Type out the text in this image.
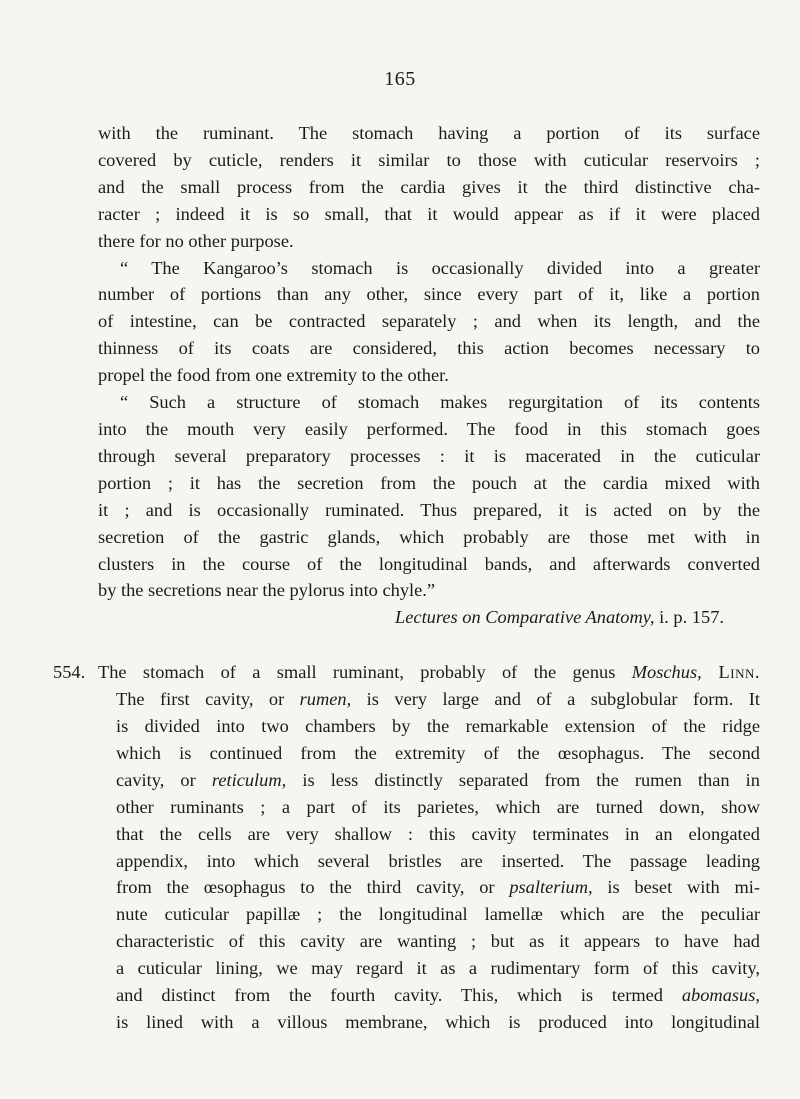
165
with the ruminant. The stomach having a portion of its surface
covered by cuticle, renders it similar to those with cuticular reservoirs ;
and the small process from the cardia gives it the third distinctive cha-
racter ; indeed it is so small, that it would appear as if it were placed
there for no other purpose.
“ The Kangaroo’s stomach is occasionally divided into a greater
number of portions than any other, since every part of it, like a portion
of intestine, can be contracted separately ; and when its length, and the
thinness of its coats are considered, this action becomes necessary to
propel the food from one extremity to the other.
“ Such a structure of stomach makes regurgitation of its contents
into the mouth very easily performed. The food in this stomach goes
through several preparatory processes : it is macerated in the cuticular
portion ; it has the secretion from the pouch at the cardia mixed with
it ; and is occasionally ruminated. Thus prepared, it is acted on by the
secretion of the gastric glands, which probably are those met with in
clusters in the course of the longitudinal bands, and afterwards converted
by the secretions near the pylorus into chyle.”
Lectures on Comparative Anatomy, i. p. 157.
554. The stomach of a small ruminant, probably of the genus Moschus, Linn.
The first cavity, or rumen, is very large and of a subglobular form. It
is divided into two chambers by the remarkable extension of the ridge
which is continued from the extremity of the œsophagus. The second
cavity, or reticulum, is less distinctly separated from the rumen than in
other ruminants ; a part of its parietes, which are turned down, show
that the cells are very shallow : this cavity terminates in an elongated
appendix, into which several bristles are inserted. The passage leading
from the œsophagus to the third cavity, or psalterium, is beset with mi-
nute cuticular papillæ ; the longitudinal lamellæ which are the peculiar
characteristic of this cavity are wanting ; but as it appears to have had
a cuticular lining, we may regard it as a rudimentary form of this cavity,
and distinct from the fourth cavity. This, which is termed abomasus,
is lined with a villous membrane, which is produced into longitudinal
